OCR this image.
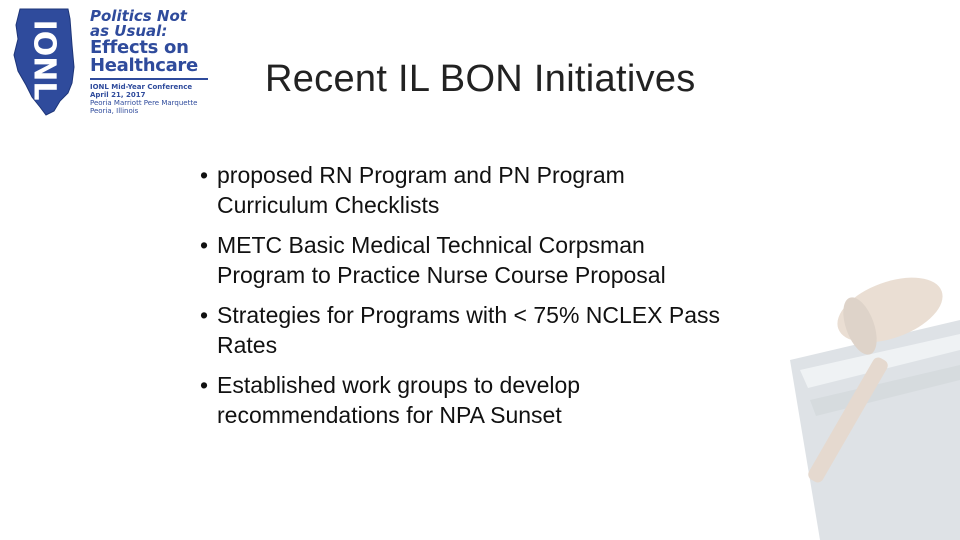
IONL
Politics Not
as Usual:
Effects on
Healthcare
IONL Mid-Year Conference
April 21, 2017
Peoria Marriott Pere Marquette
Peoria, Illinois
Recent IL BON Initiatives
• proposed RN Program and PN Program
Curriculum Checklists
• METC Basic Medical Technical Corpsman
Program to Practice Nurse Course Proposal
• Strategies for Programs with < 75% NCLEX Pass
Rates
• Established work groups to develop
recommendations for NPA Sunset
